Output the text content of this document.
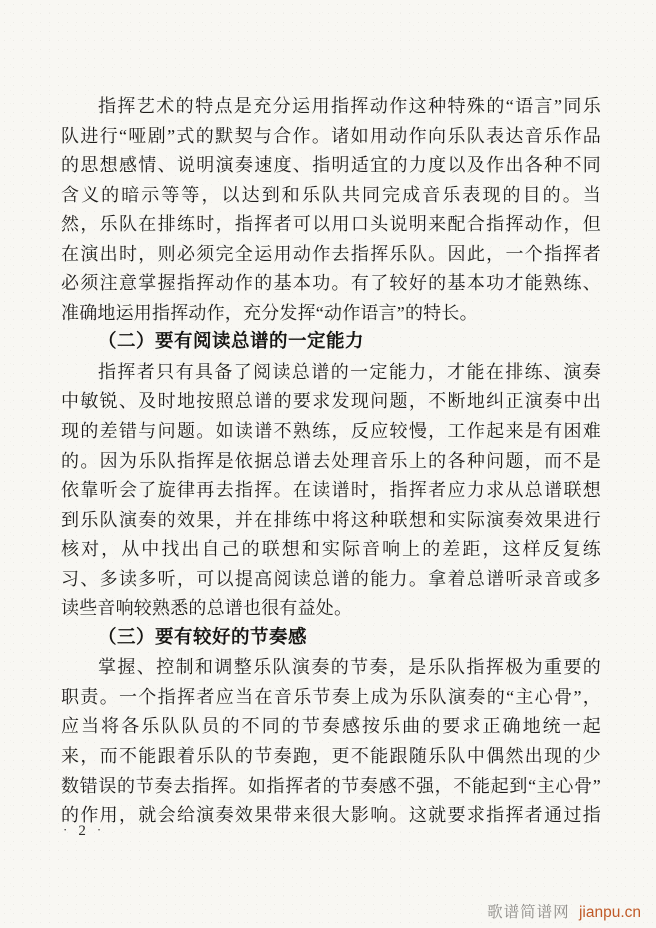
指挥艺术的特点是充分运用指挥动作这种特殊的“语言”同乐

队进行“哑剧”式的默契与合作。诸如用动作向乐队表达音乐作品

的思想感情、说明演奏速度、指明适宜的力度以及作出各种不同

含义的暗示等等，以达到和乐队共同完成音乐表现的目的。当

然，乐队在排练时，指挥者可以用口头说明来配合指挥动作，但

在演出时，则必须完全运用动作去指挥乐队。因此，一个指挥者

必须注意掌握指挥动作的基本功。有了较好的基本功才能熟练、

准确地运用指挥动作，充分发挥“动作语言”的特长。

（二）要有阅读总谱的一定能力

指挥者只有具备了阅读总谱的一定能力，才能在排练、演奏

中敏锐、及时地按照总谱的要求发现问题，不断地纠正演奏中出

现的差错与问题。如读谱不熟练，反应较慢，工作起来是有困难

的。因为乐队指挥是依据总谱去处理音乐上的各种问题，而不是

依靠听会了旋律再去指挥。在读谱时，指挥者应力求从总谱联想

到乐队演奏的效果，并在排练中将这种联想和实际演奏效果进行

核对，从中找出自己的联想和实际音响上的差距，这样反复练

习、多读多听，可以提高阅读总谱的能力。拿着总谱听录音或多

读些音响较熟悉的总谱也很有益处。

（三）要有较好的节奏感

掌握、控制和调整乐队演奏的节奏，是乐队指挥极为重要的

职责。一个指挥者应当在音乐节奏上成为乐队演奏的“主心骨”，

应当将各乐队队员的不同的节奏感按乐曲的要求正确地统一起

来，而不能跟着乐队的节奏跑，更不能跟随乐队中偶然出现的少

数错误的节奏去指挥。如指挥者的节奏感不强，不能起到“主心骨”

的作用，就会给演奏效果带来很大影响。这就要求指挥者通过指

· 2 ·
歌谱简谱网 jianpu.cn
